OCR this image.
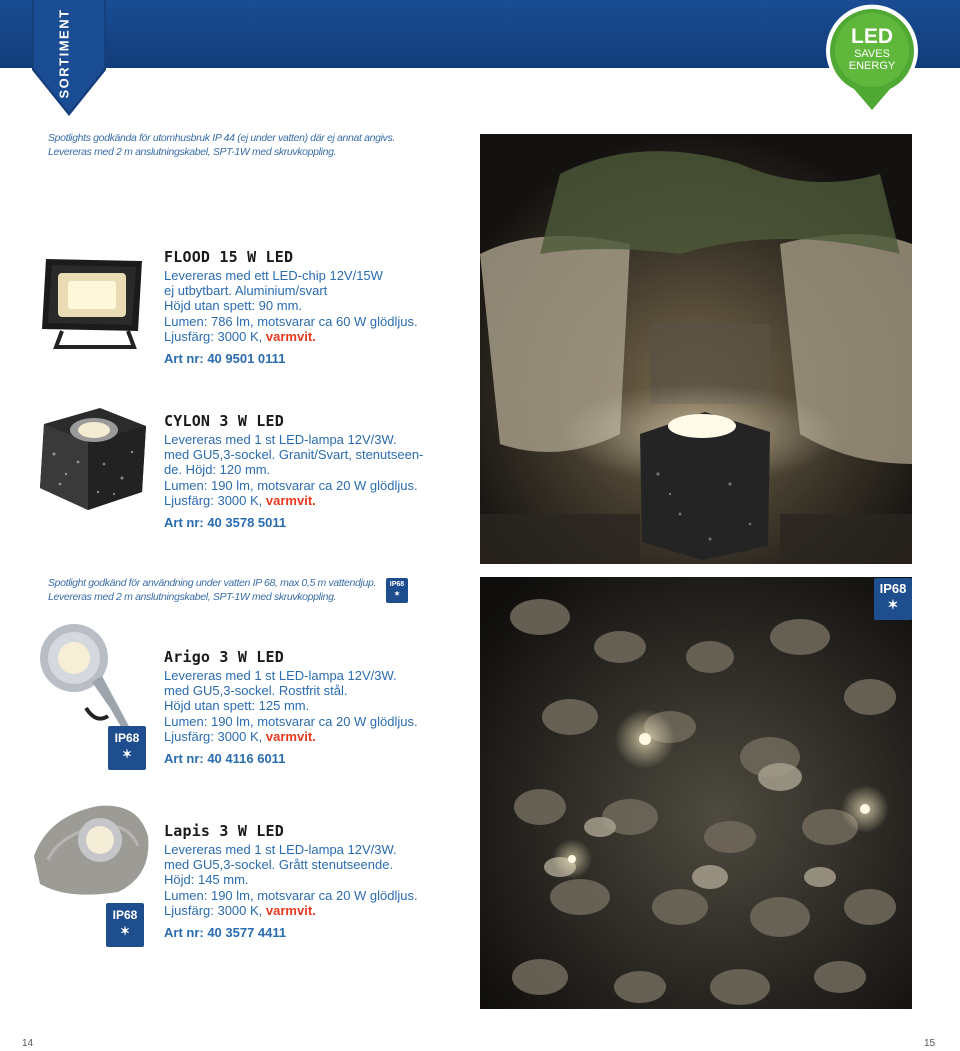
SORTIMENT	LED
SAVES
ENERGY

Spotlights godkända för utomhusbruk IP 44 (ej under vatten) där ej annat angivs.

Levereras med 2 m anslutningskabel, SPT-1W med skruvkoppling.

FLOOD 15 W LED

Levereras med ett LED-chip 12V/15W

ej utbytbart. Aluminium/svart

Höjd utan spett: 90 mm.

Lumen: 786 lm, motsvarar ca 60 W glödljus.

Ljusfärg: 3000 K, varmvit.

Art nr: 40 9501 0111

CYLON 3 W LED

Levereras med 1 st LED-lampa 12V/3W.

med GU5,3-sockel. Granit/Svart, stenutseen-

de. Höjd: 120 mm.

Lumen: 190 lm, motsvarar ca 20 W glödljus.

Ljusfärg: 3000 K, varmvit.

Art nr: 40 3578 5011

Spotlight godkänd för användning under vatten IP 68, max 0,5 m vattendjup.

Levereras med 2 m anslutningskabel, SPT-1W med skruvkoppling.

IP68
✶
IP68
✶
Arigo 3 W LED

Levereras med 1 st LED-lampa 12V/3W.

med GU5,3-sockel. Rostfrit stål.

Höjd utan spett: 125 mm.

Lumen: 190 lm, motsvarar ca 20 W glödljus.

Ljusfärg: 3000 K, varmvit.

Art nr: 40 4116 6011

IP68
✶
Lapis 3 W LED

Levereras med 1 st LED-lampa 12V/3W.

med GU5,3-sockel. Grått stenutseende.

Höjd: 145 mm.

Lumen: 190 lm, motsvarar ca 20 W glödljus.

Ljusfärg: 3000 K, varmvit.

Art nr: 40 3577 4411

IP68
✶
14	15
